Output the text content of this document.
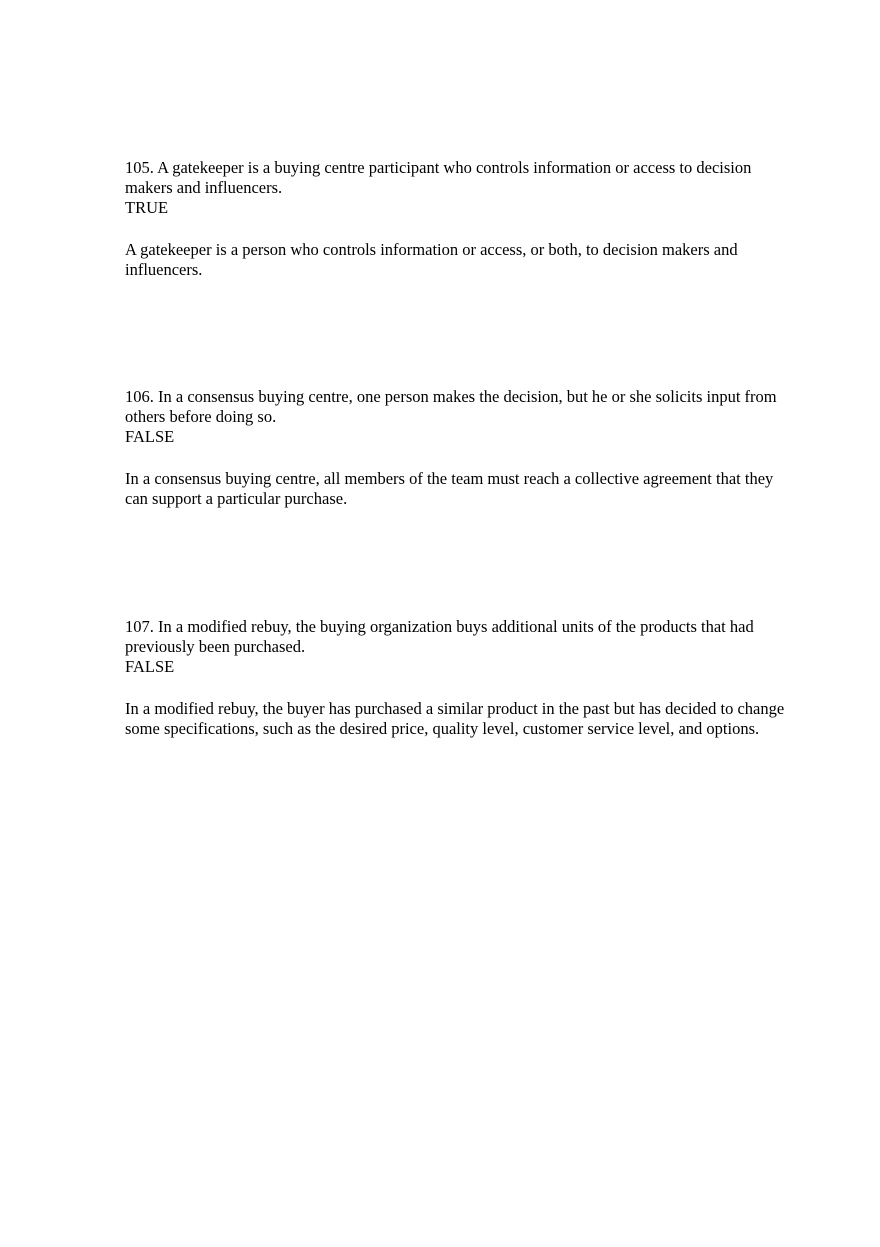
105. A gatekeeper is a buying centre participant who controls information or access to decision makers and influencers.

TRUE

A gatekeeper is a person who controls information or access, or both, to decision makers and influencers.

106. In a consensus buying centre, one person makes the decision, but he or she solicits input from others before doing so.

FALSE

In a consensus buying centre, all members of the team must reach a collective agreement that they can support a particular purchase.

107. In a modified rebuy, the buying organization buys additional units of the products that had previously been purchased.

FALSE

In a modified rebuy, the buyer has purchased a similar product in the past but has decided to change some specifications, such as the desired price, quality level, customer service level, and options.
